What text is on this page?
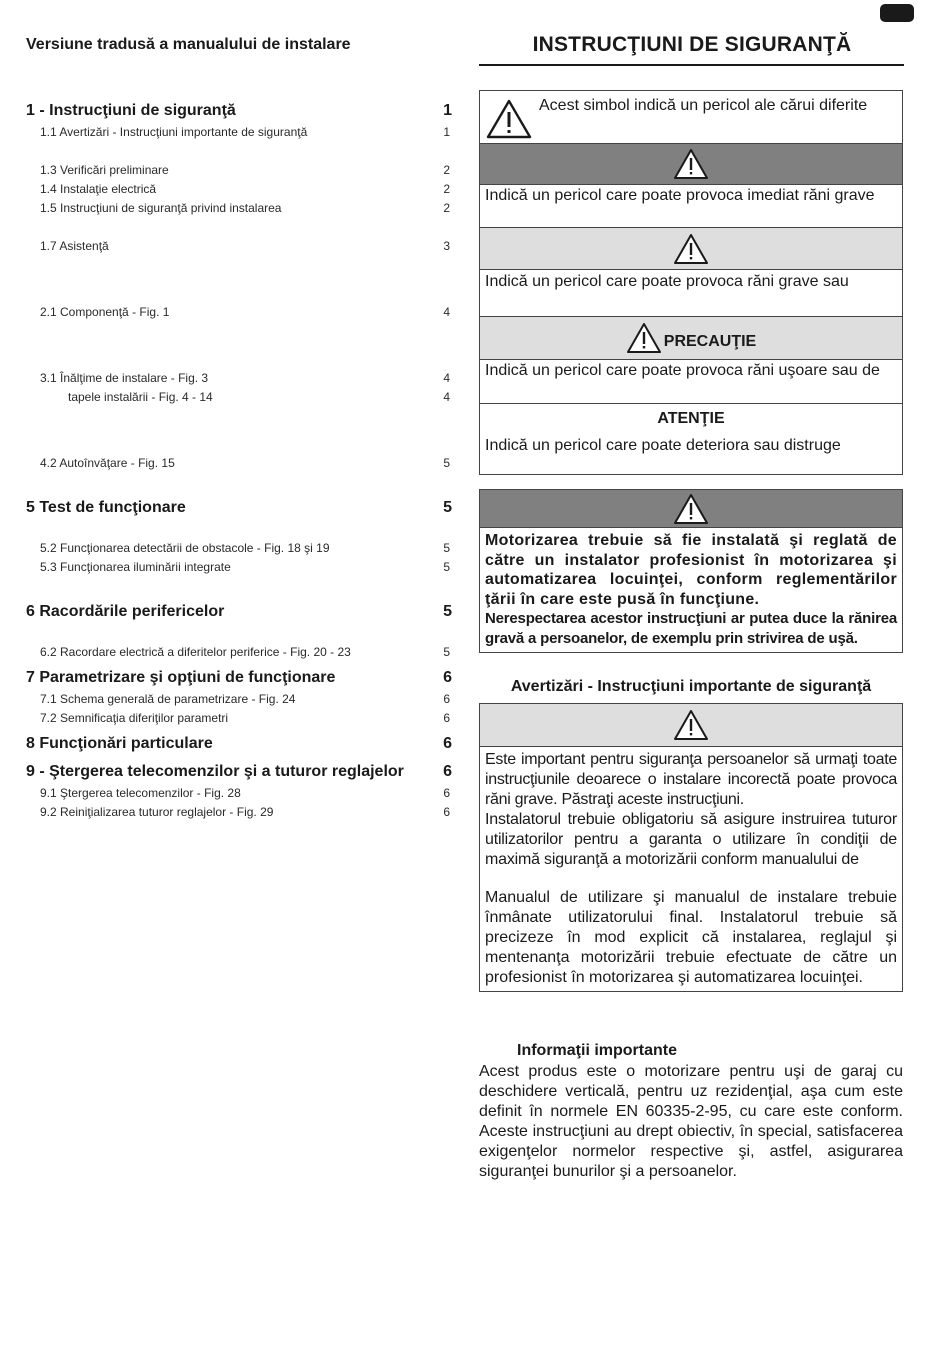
Versiune tradusă a manualului de instalare	INSTRUCŢIUNI DE SIGURANŢĂ
1 - Instrucţiuni de siguranţă	1
1.1 Avertizări - Instrucţiuni importante de siguranţă	1
1.3 Verificări preliminare	2
1.4 Instalaţie electrică	2
1.5 Instrucţiuni de siguranţă privind instalarea	2
1.7 Asistenţă	3
2.1 Componenţă - Fig. 1	4
3.1 Înălţime de instalare - Fig. 3	4
tapele instalării - Fig. 4 - 14	4
4.2 Autoînvăţare - Fig. 15	5
5 Test de funcţionare	5
5.2 Funcţionarea detectării de obstacole - Fig. 18 şi 19	5
5.3 Funcţionarea iluminării integrate	5
6 Racordările perifericelor	5
6.2 Racordare electrică a diferitelor periferice - Fig. 20 - 23	5
7 Parametrizare şi opţiuni de funcţionare	6
7.1 Schema generală de parametrizare - Fig. 24	6
7.2 Semnificaţia diferiţilor parametri	6
8 Funcţionări particulare	6
9 - Ştergerea telecomenzilor şi a tuturor reglajelor 6
9.1 Ştergerea telecomenzilor - Fig. 28	6
9.2 Reiniţializarea tuturor reglajelor - Fig. 29	6
Acest simbol indică un pericol ale cărui diferite
Indică un pericol care poate provoca imediat răni grave
Indică un pericol care poate provoca răni grave sau
PRECAUŢIE
Indică un pericol care poate provoca răni uşoare sau de
ATENŢIE
Indică un pericol care poate deteriora sau distruge
Motorizarea trebuie să fie instalată şi reglată de către un instalator profesionist în motorizarea şi automatizarea locuinţei, conform reglementărilor ţării în care este pusă în funcţiune.
Nerespectarea acestor instrucţiuni ar putea duce la rănirea gravă a persoanelor, de exemplu prin strivirea de uşă.
Avertizări - Instrucţiuni importante de siguranţă
Este important pentru siguranţa persoanelor să urmaţi toate instrucţiunile deoarece o instalare incorectă poate provoca răni grave. Păstraţi aceste instrucţiuni.
Instalatorul trebuie obligatoriu să asigure instruirea tuturor utilizatorilor pentru a garanta o utilizare în condiţii de maximă siguranţă a motorizării conform manualului de
Manualul de utilizare şi manualul de instalare trebuie înmânate utilizatorului final. Instalatorul trebuie să precizeze în mod explicit că instalarea, reglajul şi mentenanţa motorizării trebuie efectuate de către un profesionist în motorizarea şi automatizarea locuinţei.
Informaţii importante
Acest produs este o motorizare pentru uşi de garaj cu deschidere verticală, pentru uz rezidenţial, aşa cum este definit în normele EN 60335-2-95, cu care este conform. Aceste instrucţiuni au drept obiectiv, în special, satisfacerea exigenţelor normelor respective şi, astfel, asigurarea siguranţei bunurilor şi a persoanelor.
